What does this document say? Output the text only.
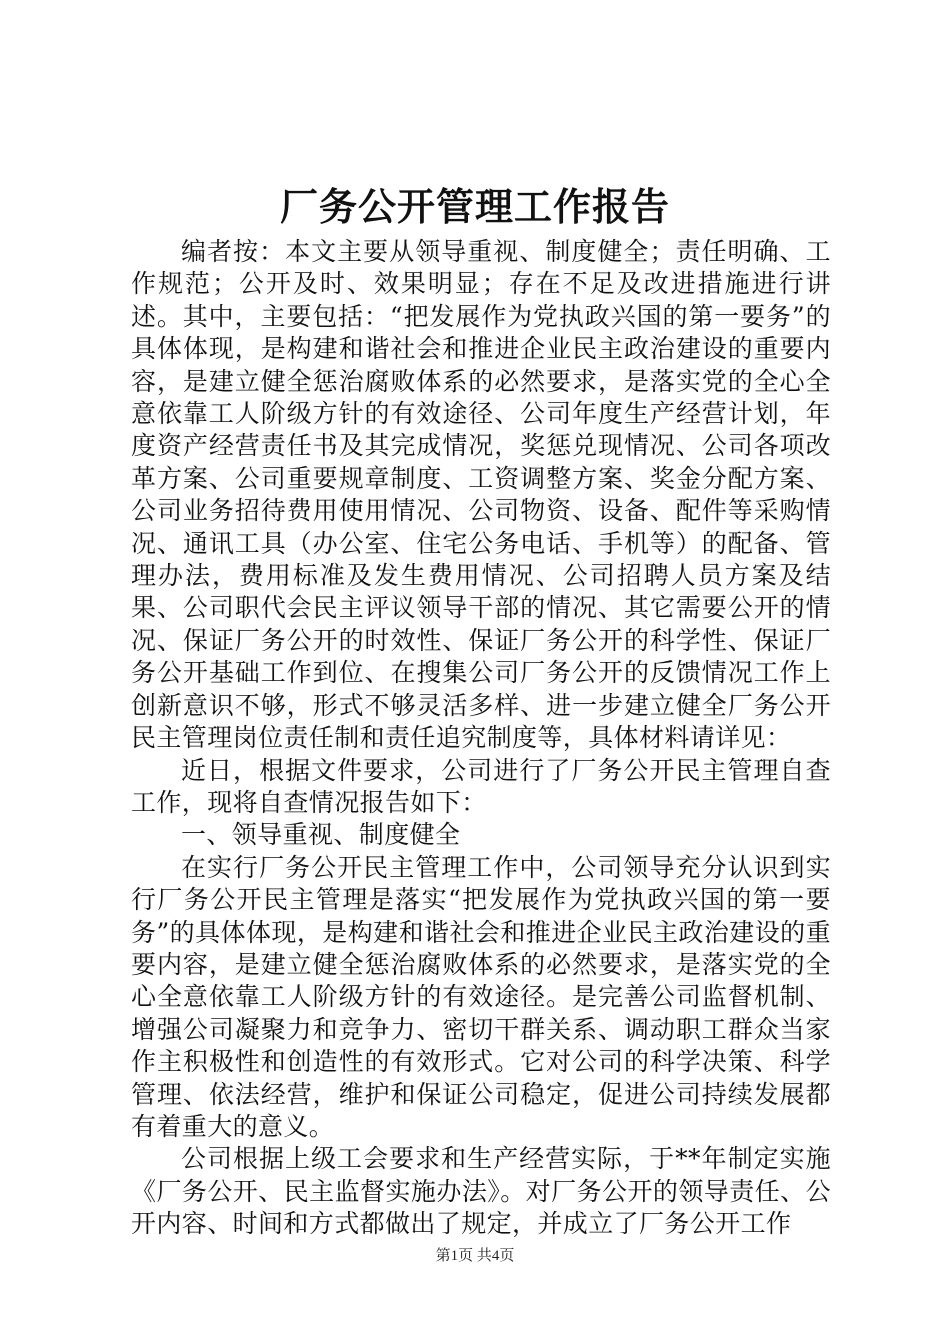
厂务公开管理工作报告

编者按：本文主要从领导重视、制度健全；责任明确、工作规范；公开及时、效果明显；存在不足及改进措施进行讲述。其中，主要包括：“把发展作为党执政兴国的第一要务”的具体体现，是构建和谐社会和推进企业民主政治建设的重要内容，是建立健全惩治腐败体系的必然要求，是落实党的全心全意依靠工人阶级方针的有效途径、公司年度生产经营计划，年度资产经营责任书及其完成情况，奖惩兑现情况、公司各项改革方案、公司重要规章制度、工资调整方案、奖金分配方案、公司业务招待费用使用情况、公司物资、设备、配件等采购情况、通讯工具（办公室、住宅公务电话、手机等）的配备、管理办法，费用标准及发生费用情况、公司招聘人员方案及结果、公司职代会民主评议领导干部的情况、其它需要公开的情况、保证厂务公开的时效性、保证厂务公开的科学性、保证厂务公开基础工作到位、在搜集公司厂务公开的反馈情况工作上创新意识不够，形式不够灵活多样、进一步建立健全厂务公开民主管理岗位责任制和责任追究制度等，具体材料请详见：

近日，根据文件要求，公司进行了厂务公开民主管理自查工作，现将自查情况报告如下：

一、领导重视、制度健全

在实行厂务公开民主管理工作中，公司领导充分认识到实行厂务公开民主管理是落实“把发展作为党执政兴国的第一要务”的具体体现，是构建和谐社会和推进企业民主政治建设的重要内容，是建立健全惩治腐败体系的必然要求，是落实党的全心全意依靠工人阶级方针的有效途径。是完善公司监督机制、增强公司凝聚力和竞争力、密切干群关系、调动职工群众当家作主积极性和创造性的有效形式。它对公司的科学决策、科学管理、依法经营，维护和保证公司稳定，促进公司持续发展都有着重大的意义。

公司根据上级工会要求和生产经营实际，于**年制定实施《厂务公开、民主监督实施办法》。对厂务公开的领导责任、公开内容、时间和方式都做出了规定，并成立了厂务公开工作

第1页 共4页
